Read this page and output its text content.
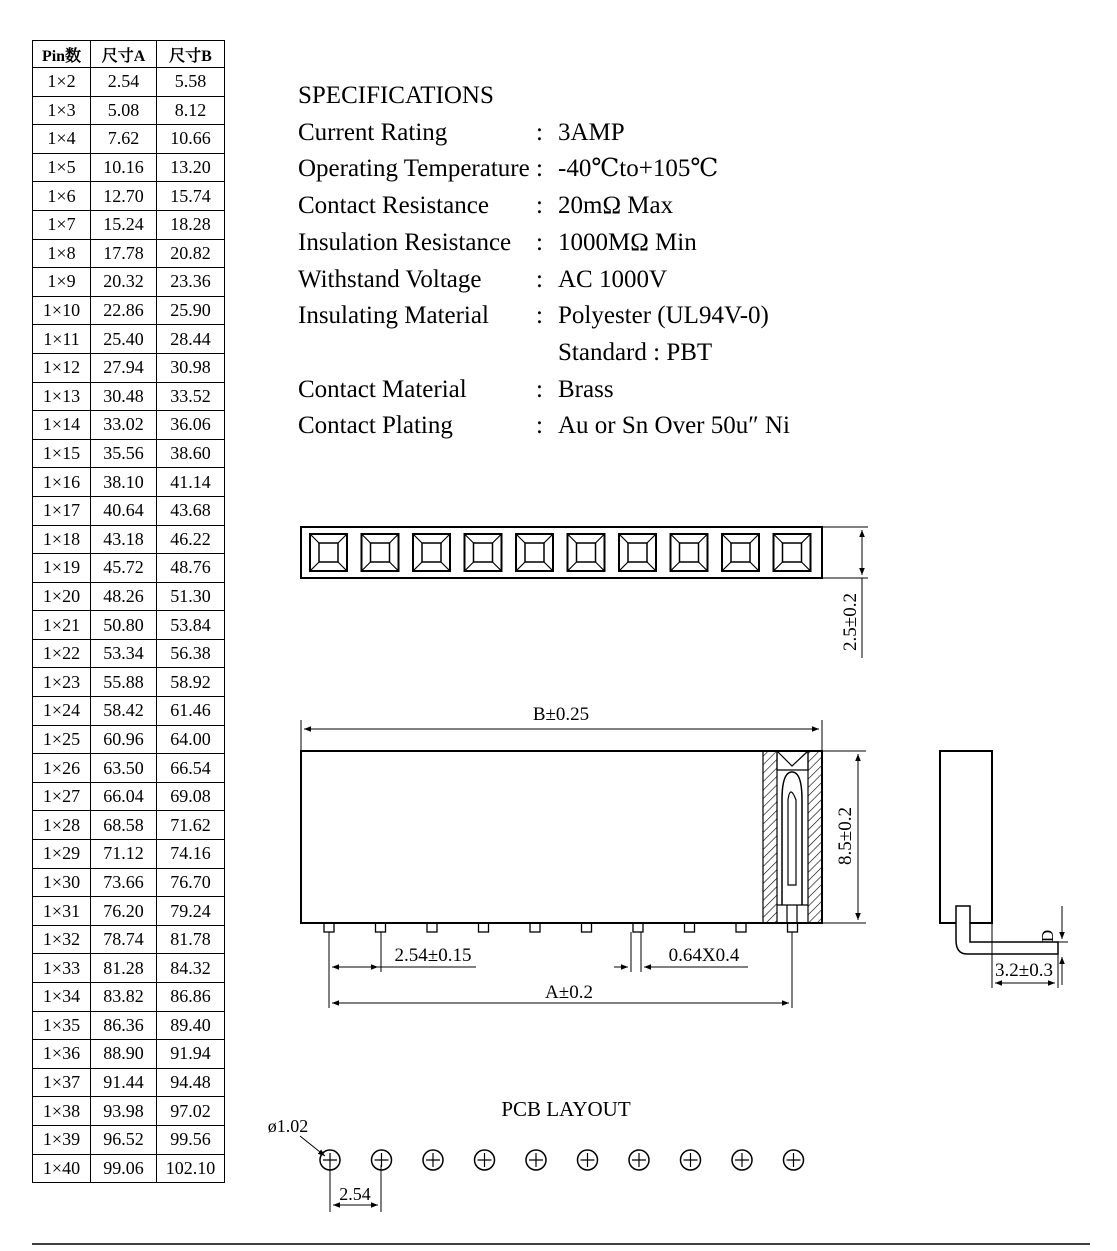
Pin数	尺寸A	尺寸B
1×2	2.54	5.58
1×3	5.08	8.12
1×4	7.62	10.66
1×5	10.16	13.20
1×6	12.70	15.74
1×7	15.24	18.28
1×8	17.78	20.82
1×9	20.32	23.36
1×10	22.86	25.90
1×11	25.40	28.44
1×12	27.94	30.98
1×13	30.48	33.52
1×14	33.02	36.06
1×15	35.56	38.60
1×16	38.10	41.14
1×17	40.64	43.68
1×18	43.18	46.22
1×19	45.72	48.76
1×20	48.26	51.30
1×21	50.80	53.84
1×22	53.34	56.38
1×23	55.88	58.92
1×24	58.42	61.46
1×25	60.96	64.00
1×26	63.50	66.54
1×27	66.04	69.08
1×28	68.58	71.62
1×29	71.12	74.16
1×30	73.66	76.70
1×31	76.20	79.24
1×32	78.74	81.78
1×33	81.28	84.32
1×34	83.82	86.86
1×35	86.36	89.40
1×36	88.90	91.94
1×37	91.44	94.48
1×38	93.98	97.02
1×39	96.52	99.56
1×40	99.06	102.10
SPECIFICATIONS
Current Rating	: 3AMP
Operating Temperature : -40℃to+105℃
Contact Resistance	: 20mΩ Max
Insulation Resistance : 1000MΩ Min
Withstand Voltage	: AC 1000V
Insulating Material	: Polyester (UL94V-0)
Standard : PBT
Contact Material	: Brass
Contact Plating	: Au or Sn Over 50u″ Ni
2.5±0.2
B±0.25
8.5±0.2
2.54±0.15	0.64X0.4
A±0.2
D
3.2±0.3
PCB LAYOUT
ø1.02
2.54
